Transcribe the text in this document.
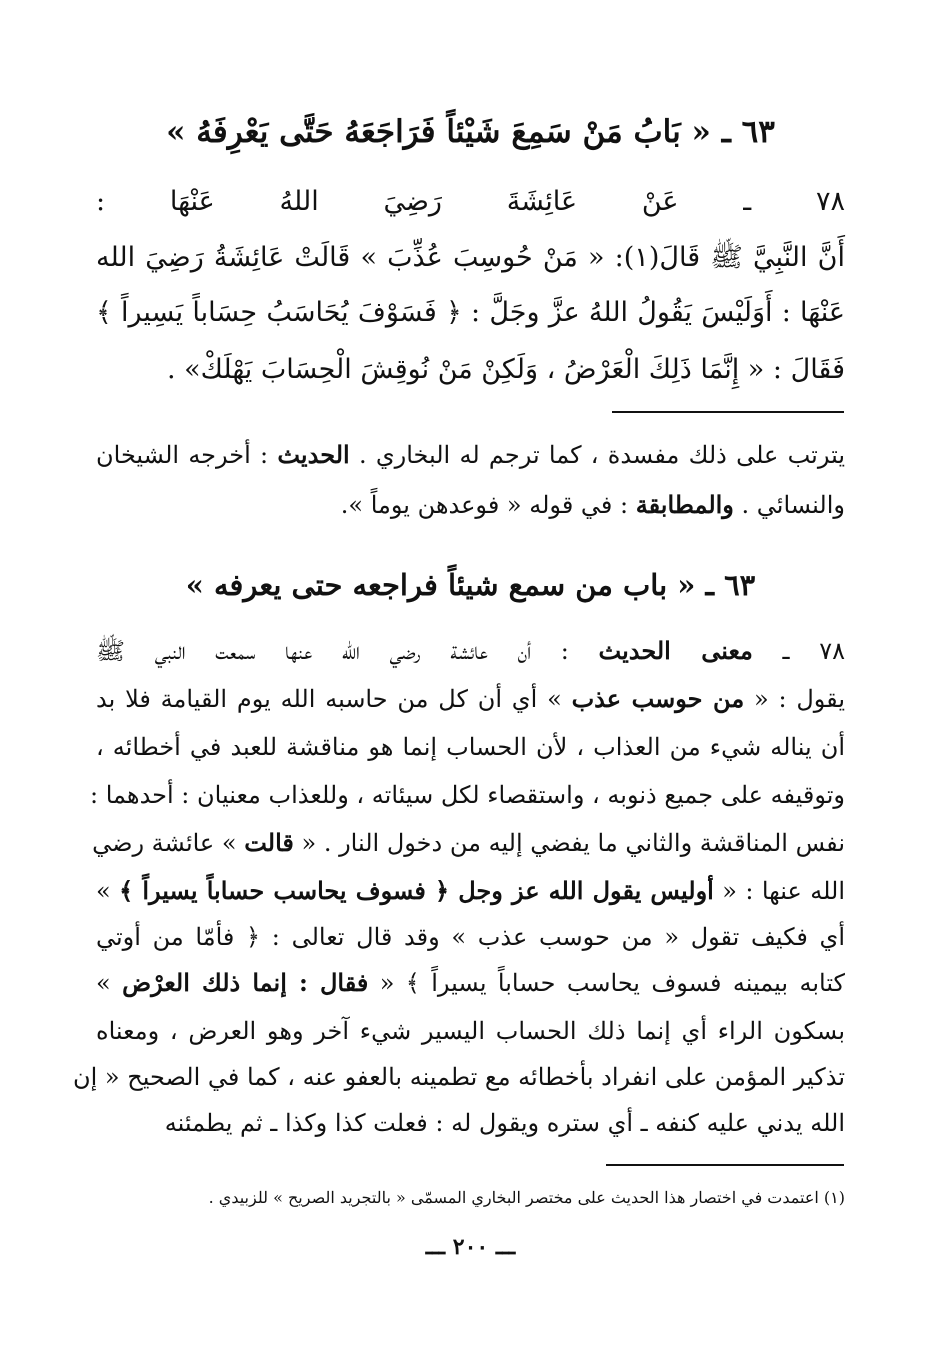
٦٣ ـ « بَابُ مَنْ سَمِعَ شَيْئاً فَرَاجَعَهُ حَتَّى يَعْرِفَهُ »
٧٨ ـ عَنْ عَائِشَةَ رَضِيَ اللهُ عَنْهَا :
أَنَّ النَّبِيَّ ﷺ قَالَ(١): « مَنْ حُوسِبَ عُذِّبَ » قَالَتْ عَائِشَةُ رَضِيَ الله
عَنْهَا : أَوَلَيْسَ يَقُولُ اللهُ عزَّ وجَلَّ : ﴿ فَسَوْفَ يُحَاسَبُ حِسَاباً يَسِيراً ﴾
فَقَالَ : « إِنَّمَا ذَلِكَ الْعَرْضُ ، وَلَكِنْ مَنْ نُوقِشَ الْحِسَابَ يَهْلَكْ» .
يترتب على ذلك مفسدة ، كما ترجم له البخاري . الحديث : أخرجه الشيخان
والنسائي . والمطابقة : في قوله « فوعدهن يوماً ».
٦٣ ـ « باب من سمع شيئاً فراجعه حتى يعرفه »
٧٨ ـ معنى الحديث : أن عائشة رضي الله عنها سمعت النبي ﷺ
يقول : « من حوسب عذب » أي أن كل من حاسبه الله يوم القيامة فلا بد
أن يناله شيء من العذاب ، لأن الحساب إنما هو مناقشة للعبد في أخطائه ،
وتوقيفه على جميع ذنوبه ، واستقصاء لكل سيئاته ، وللعذاب معنيان : أحدهما :
نفس المناقشة والثاني ما يفضي إليه من دخول النار . « قالت » عائشة رضي
الله عنها : « أوليس يقول الله عز وجل ﴿ فسوف يحاسب حساباً يسيراً ﴾ »
أي فكيف تقول « من حوسب عذب » وقد قال تعالى : ﴿ فأمّا من أوتي
كتابه بيمينه فسوف يحاسب حساباً يسيراً ﴾ « فقال : إنما ذلك العرْض »
بسكون الراء أي إنما ذلك الحساب اليسير شيء آخر وهو العرض ، ومعناه
تذكير المؤمن على انفراد بأخطائه مع تطمينه بالعفو عنه ، كما في الصحيح « إن
الله يدني عليه كنفه ـ أي ستره ويقول له : فعلت كذا وكذا ـ ثم يطمئنه
(١) اعتمدت في اختصار هذا الحديث على مختصر البخاري المسمّى « بالتجريد الصريح » للزبيدي .
ـــ ٢٠٠ ـــ
